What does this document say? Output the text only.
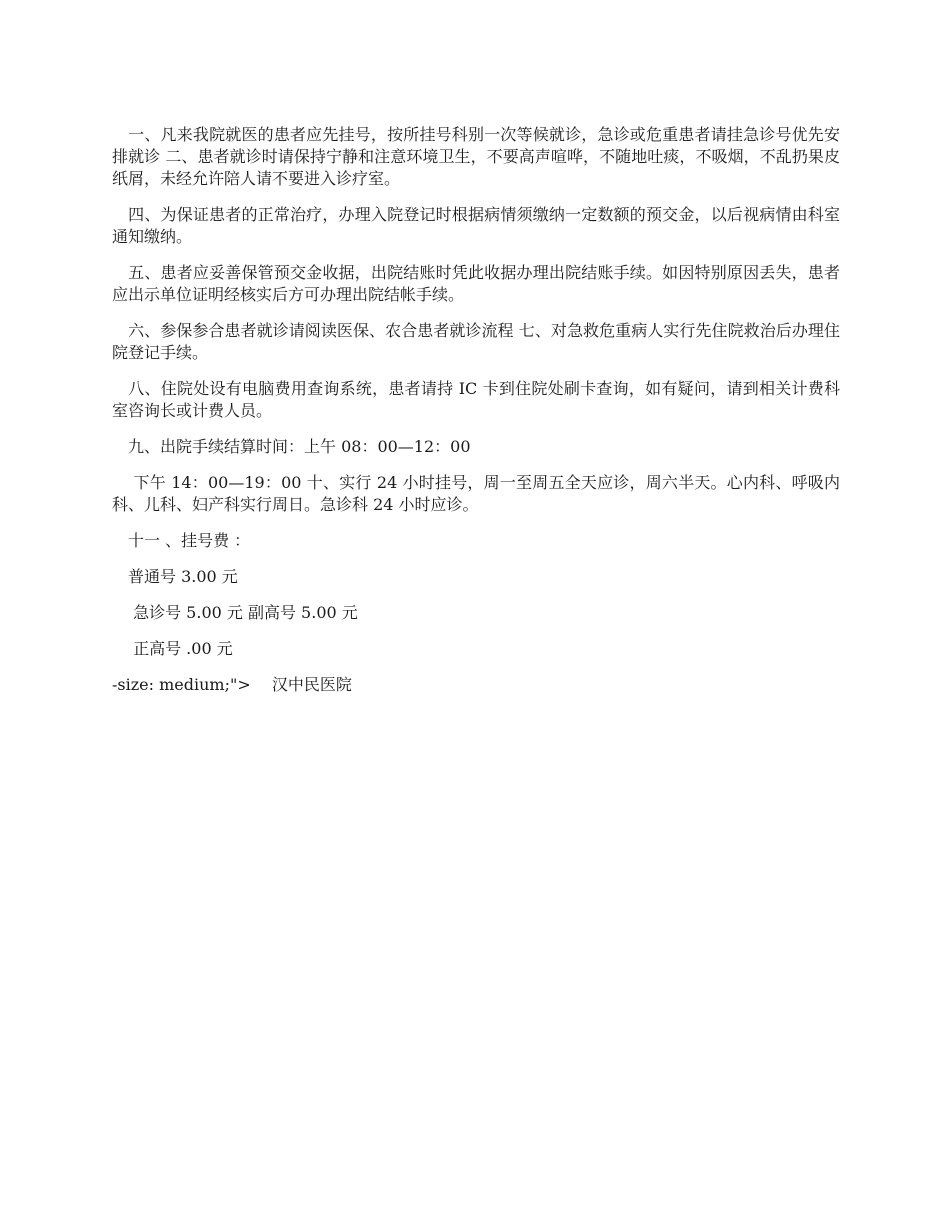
　一、凡来我院就医的患者应先挂号，按所挂号科别一次等候就诊，急诊或危重患者请挂急诊号优先安排就诊 二、患者就诊时请保持宁静和注意环境卫生，不要高声喧哗，不随地吐痰，不吸烟，不乱扔果皮纸屑，未经允许陪人请不要进入诊疗室。

　四、为保证患者的正常治疗，办理入院登记时根据病情须缴纳一定数额的预交金，以后视病情由科室通知缴纳。

　五、患者应妥善保管预交金收据，出院结账时凭此收据办理出院结账手续。如因特别原因丢失，患者应出示单位证明经核实后方可办理出院结帐手续。

　六、参保参合患者就诊请阅读医保、农合患者就诊流程 七、对急救危重病人实行先住院救治后办理住院登记手续。

　八、住院处设有电脑费用查询系统，患者请持 IC 卡到住院处刷卡查询，如有疑问，请到相关计费科室咨询长或计费人员。

　九、出院手续结算时间：上午 08：00—12：00

　 下午 14：00—19：00 十、实行 24 小时挂号，周一至周五全天应诊，周六半天。心内科、呼吸内科、儿科、妇产科实行周日。急诊科 24 小时应诊。

　十一 、挂号费 ：

　普通号 3.00 元

　 急诊号 5.00 元 副高号 5.00 元

　 正高号 .00 元

-size: medium;">　 汉中民医院
